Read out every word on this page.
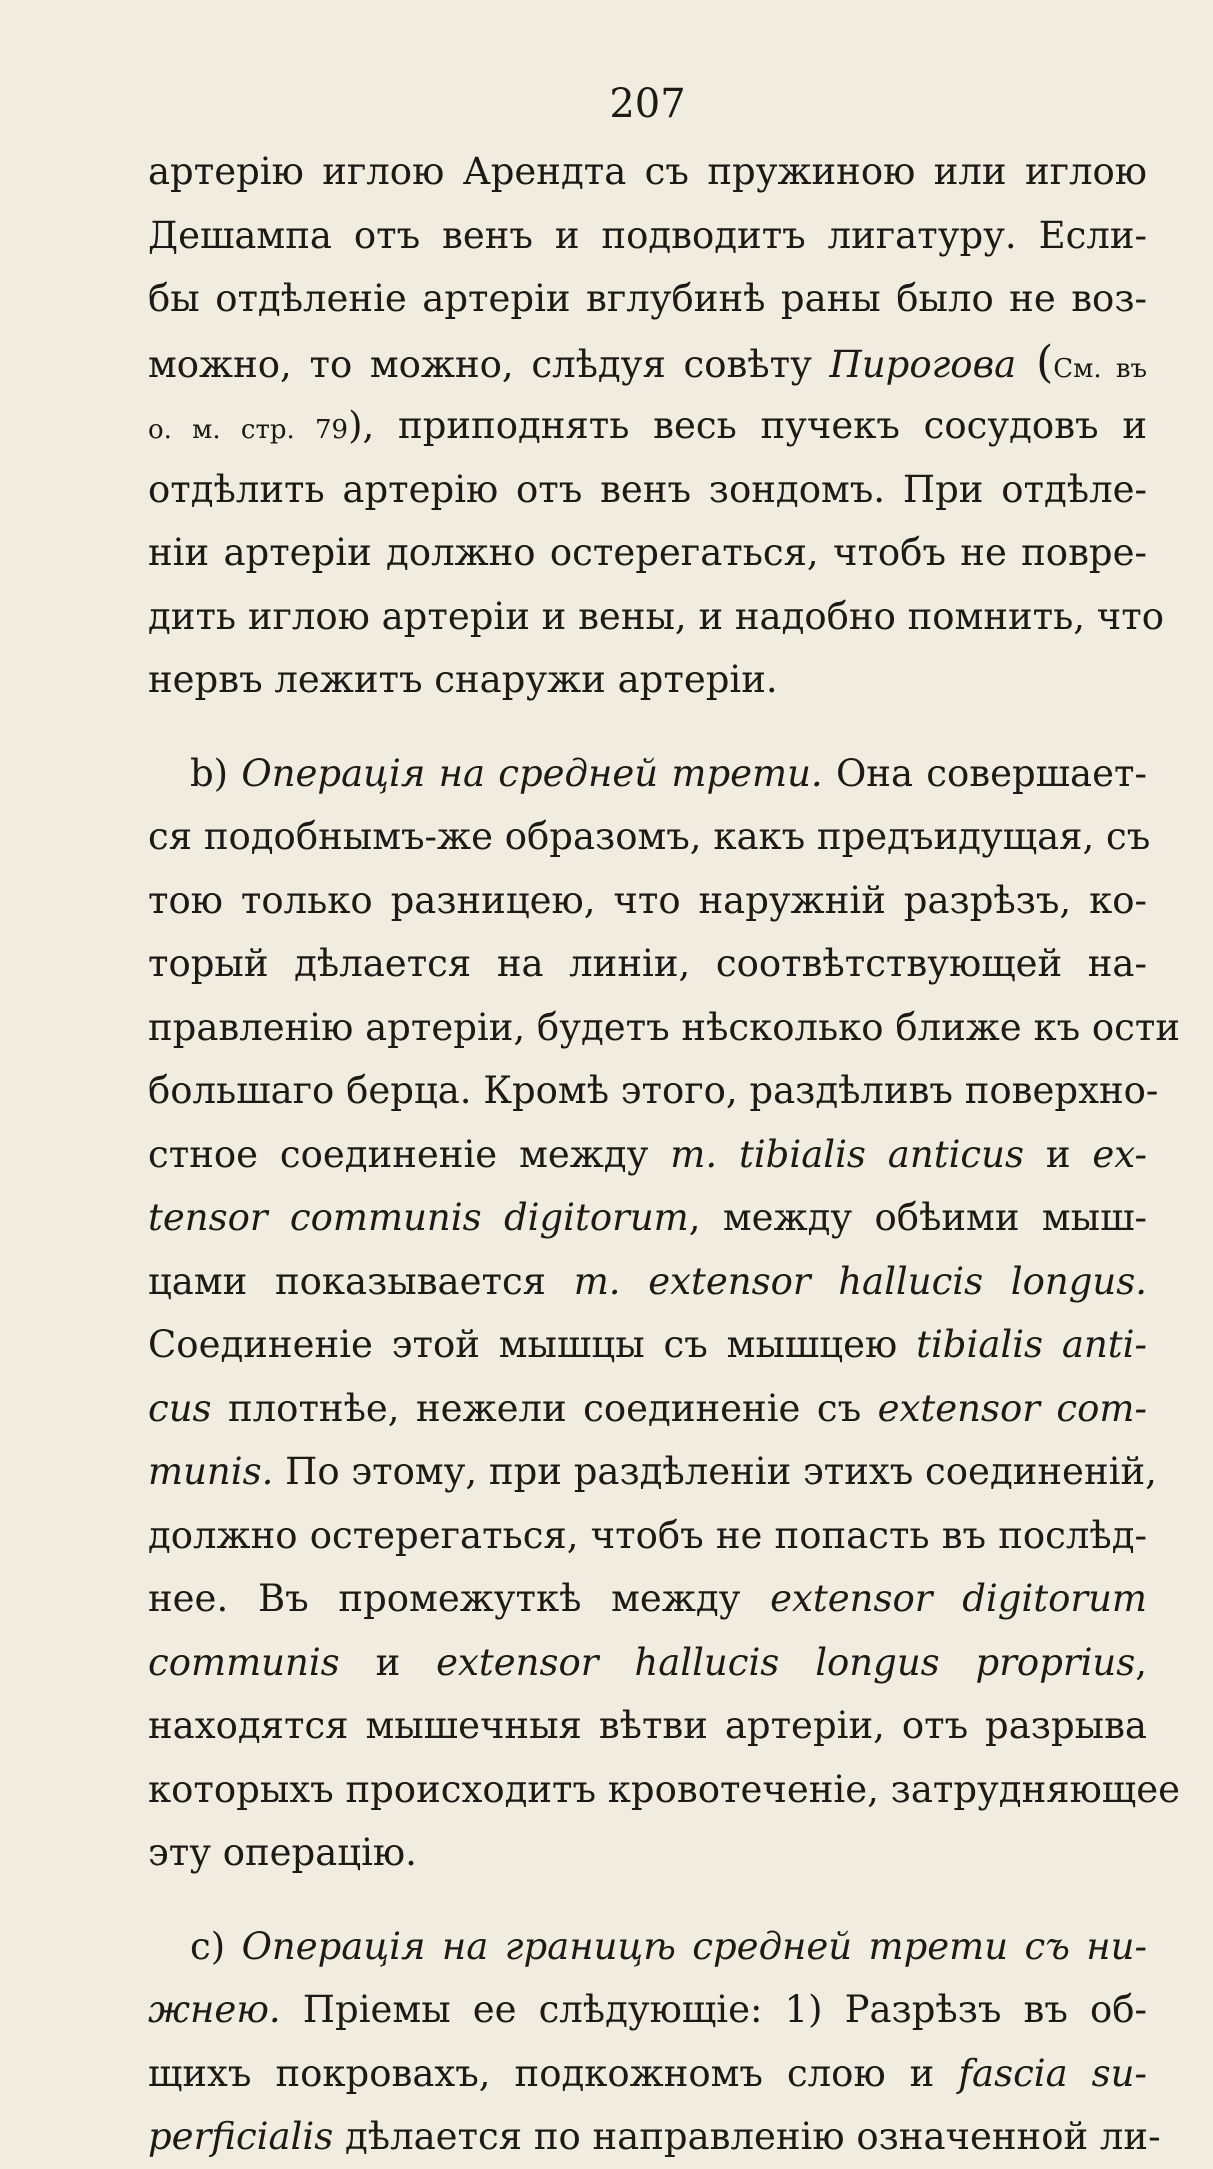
207
артерію иглою Арендта съ пружиною или иглою
Дешампа отъ венъ и подводитъ лигатуру. Если-
бы отдѣленіе артеріи вглубинѣ раны было не воз-
можно, то можно, слѣдуя совѣту Пирогова (См. въ
о. м. стр. 79), приподнять весь пучекъ сосудовъ и
отдѣлить артерію отъ венъ зондомъ. При отдѣле-
ніи артеріи должно остерегаться, чтобъ не повре-
дить иглою артеріи и вены, и надобно помнить, что
нервъ лежитъ снаружи артеріи.
b) Операція на средней трети. Она совершает-
ся подобнымъ-же образомъ, какъ предъидущая, съ
тою только разницею, что наружній разрѣзъ, ко-
торый дѣлается на линіи, соотвѣтствующей на-
правленію артеріи, будетъ нѣсколько ближе къ ости
большаго берца. Кромѣ этого, раздѣливъ поверхно-
стное соединеніе между m. tibialis anticus и ex-
tensor communis digitorum, между обѣими мыш-
цами показывается m. extensor hallucis longus.
Соединеніе этой мышцы съ мышцею tibialis anti-
cus плотнѣе, нежели соединеніе съ extensor com-
munis. По этому, при раздѣленіи этихъ соединеній,
должно остерегаться, чтобъ не попасть въ послѣд-
нее. Въ промежуткѣ между extensor digitorum
communis и extensor hallucis longus proprius,
находятся мышечныя вѣтви артеріи, отъ разрыва
которыхъ происходитъ кровотеченіе, затрудняющее
эту операцію.
c) Операція на границѣ средней трети съ ни-
жнею. Пріемы ее слѣдующіе: 1) Разрѣзъ въ об-
щихъ покровахъ, подкожномъ слою и fascia su-
perficialis дѣлается по направленію означенной ли-
